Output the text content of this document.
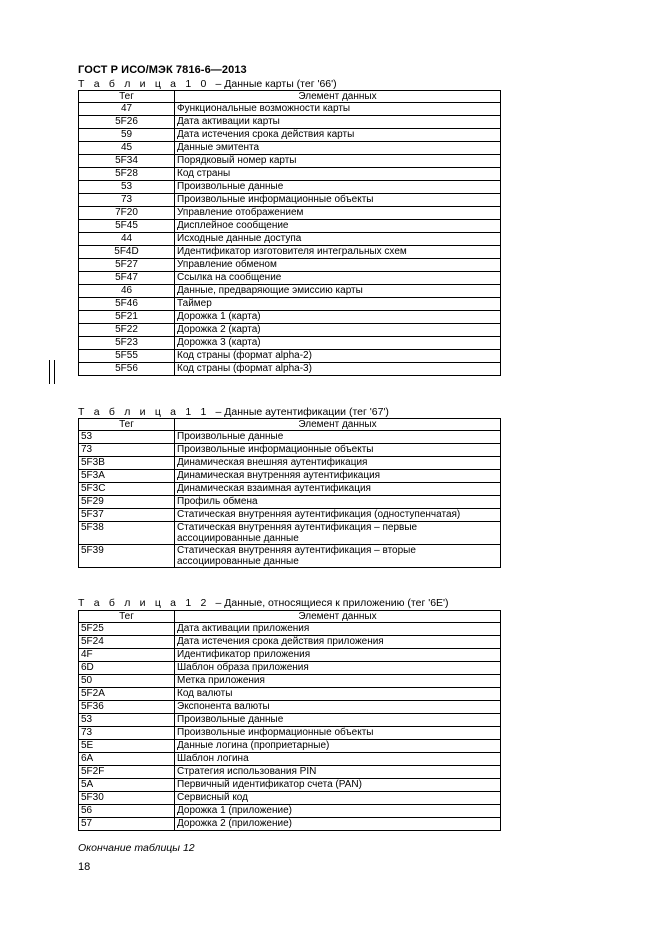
ГОСТ Р ИСО/МЭК 7816-6—2013
Т а б л и ц а 1 0 – Данные карты (тег '66')
Тег	Элемент данных
47	Функциональные возможности карты
5F26	Дата активации карты
59	Дата истечения срока действия карты
45	Данные эмитента
5F34	Порядковый номер карты
5F28	Код страны
53	Произвольные данные
73	Произвольные информационные объекты
7F20	Управление отображением
5F45	Дисплейное сообщение
44	Исходные данные доступа
5F4D	Идентификатор изготовителя интегральных схем
5F27	Управление обменом
5F47	Ссылка на сообщение
46	Данные, предваряющие эмиссию карты
5F46	Таймер
5F21	Дорожка 1 (карта)
5F22	Дорожка 2 (карта)
5F23	Дорожка 3 (карта)
5F55	Код страны (формат alpha-2)
5F56	Код страны (формат alpha-3)
Т а б л и ц а 1 1 – Данные аутентификации (тег '67')
Тег	Элемент данных
53	Произвольные данные
73	Произвольные информационные объекты
5F3B	Динамическая внешняя аутентификация
5F3A	Динамическая внутренняя аутентификация
5F3C	Динамическая взаимная аутентификация
5F29	Профиль обмена
5F37	Статическая внутренняя аутентификация (одноступенчатая)
5F38	Статическая внутренняя аутентификация – первые ассоциированные данные
5F39	Статическая внутренняя аутентификация – вторые ассоциированные данные
Т а б л и ц а 1 2 – Данные, относящиеся к приложению (тег '6E')
Тег	Элемент данных
5F25	Дата активации приложения
5F24	Дата истечения срока действия приложения
4F	Идентификатор приложения
6D	Шаблон образа приложения
50	Метка приложения
5F2A	Код валюты
5F36	Экспонента валюты
53	Произвольные данные
73	Произвольные информационные объекты
5E	Данные логина (проприетарные)
6A	Шаблон логина
5F2F	Стратегия использования PIN
5A	Первичный идентификатор счета (PAN)
5F30	Сервисный код
56	Дорожка 1 (приложение)
57	Дорожка 2 (приложение)
Окончание таблицы 12
18
